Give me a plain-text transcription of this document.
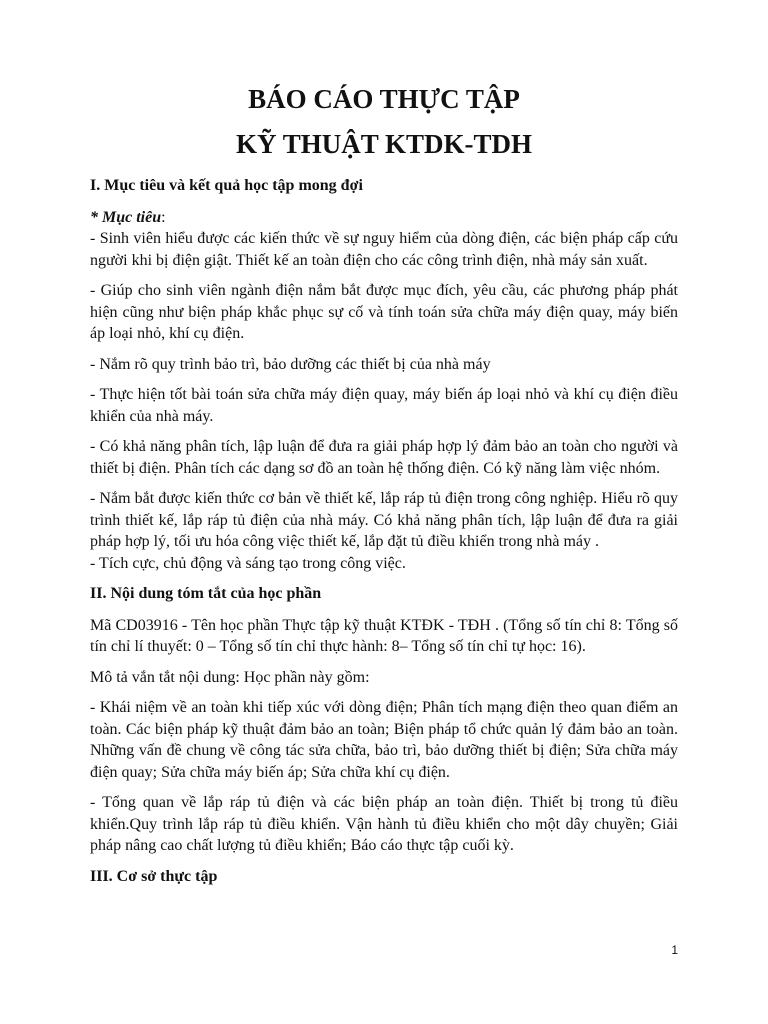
BÁO CÁO THỰC TẬP
KỸ THUẬT KTDK-TDH
I. Mục tiêu và kết quả học tập mong đợi

* Mục tiêu:

- Sinh viên hiểu được các kiến thức về sự nguy hiểm của dòng điện, các biện pháp cấp cứu người khi bị điện giật. Thiết kế an toàn điện cho các công trình điện, nhà máy sản xuất.

- Giúp cho sinh viên ngành điện nắm bắt được mục đích, yêu cầu, các phương pháp phát hiện cũng như biện pháp khắc phục sự cố và tính toán sửa chữa máy điện quay, máy biến áp loại nhỏ, khí cụ điện.

- Nắm rõ quy trình bảo trì, bảo dưỡng các thiết bị của nhà máy

- Thực hiện tốt bài toán sửa chữa máy điện quay, máy biến áp loại nhỏ và khí cụ điện điều khiển của nhà máy.

- Có khả năng phân tích, lập luận để đưa ra giải pháp hợp lý đảm bảo an toàn cho người và thiết bị điện. Phân tích các dạng sơ đồ an toàn hệ thống điện. Có kỹ năng làm việc nhóm.

- Nắm bắt được kiến thức cơ bản về thiết kế, lắp ráp tủ điện trong công nghiệp. Hiểu rõ quy trình thiết kế, lắp ráp tủ điện của nhà máy. Có khả năng phân tích, lập luận để đưa ra giải pháp hợp lý, tối ưu hóa công việc thiết kế, lắp đặt tủ điều khiển trong nhà máy .

- Tích cực, chủ động và sáng tạo trong công việc.

II. Nội dung tóm tắt của học phần

Mã CD03916 - Tên học phần Thực tập kỹ thuật KTĐK - TĐH . (Tổng số tín chỉ 8: Tổng số tín chỉ lí thuyết: 0 – Tổng số tín chỉ thực hành: 8– Tổng số tín chỉ tự học: 16).

Mô tả vắn tắt nội dung: Học phần này gồm:

- Khái niệm về an toàn khi tiếp xúc với dòng điện; Phân tích mạng điện theo quan điểm an toàn. Các biện pháp kỹ thuật đảm bảo an toàn; Biện pháp tổ chức quản lý đảm bảo an toàn. Những vấn đề chung về công tác sửa chữa, bảo trì, bảo dưỡng thiết bị điện; Sửa chữa máy điện quay; Sửa chữa máy biến áp; Sửa chữa khí cụ điện.

- Tổng quan về lắp ráp tủ điện và các biện pháp an toàn điện. Thiết bị trong tủ điều khiển.Quy trình lắp ráp tủ điều khiển. Vận hành tủ điều khiển cho một dây chuyền; Giải pháp nâng cao chất lượng tủ điều khiển; Báo cáo thực tập cuối kỳ.

III. Cơ sở thực tập
1
